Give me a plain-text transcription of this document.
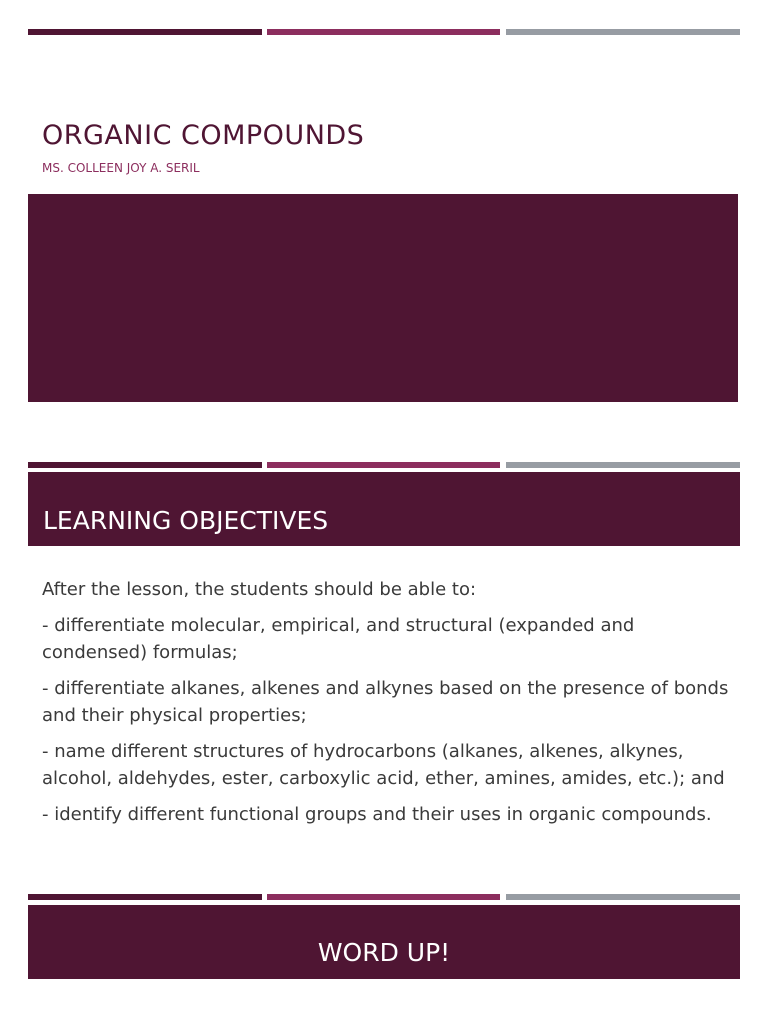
ORGANIC COMPOUNDS
MS. COLLEEN JOY A. SERIL
LEARNING OBJECTIVES

After the lesson, the students should be able to:

- differentiate molecular, empirical, and structural (expanded and condensed) formulas;

- differentiate alkanes, alkenes and alkynes based on the presence of bonds and their physical properties;

- name different structures of hydrocarbons (alkanes, alkenes, alkynes, alcohol, aldehydes, ester, carboxylic acid, ether, amines, amides, etc.); and

- identify different functional groups and their uses in organic compounds.

WORD UP!
